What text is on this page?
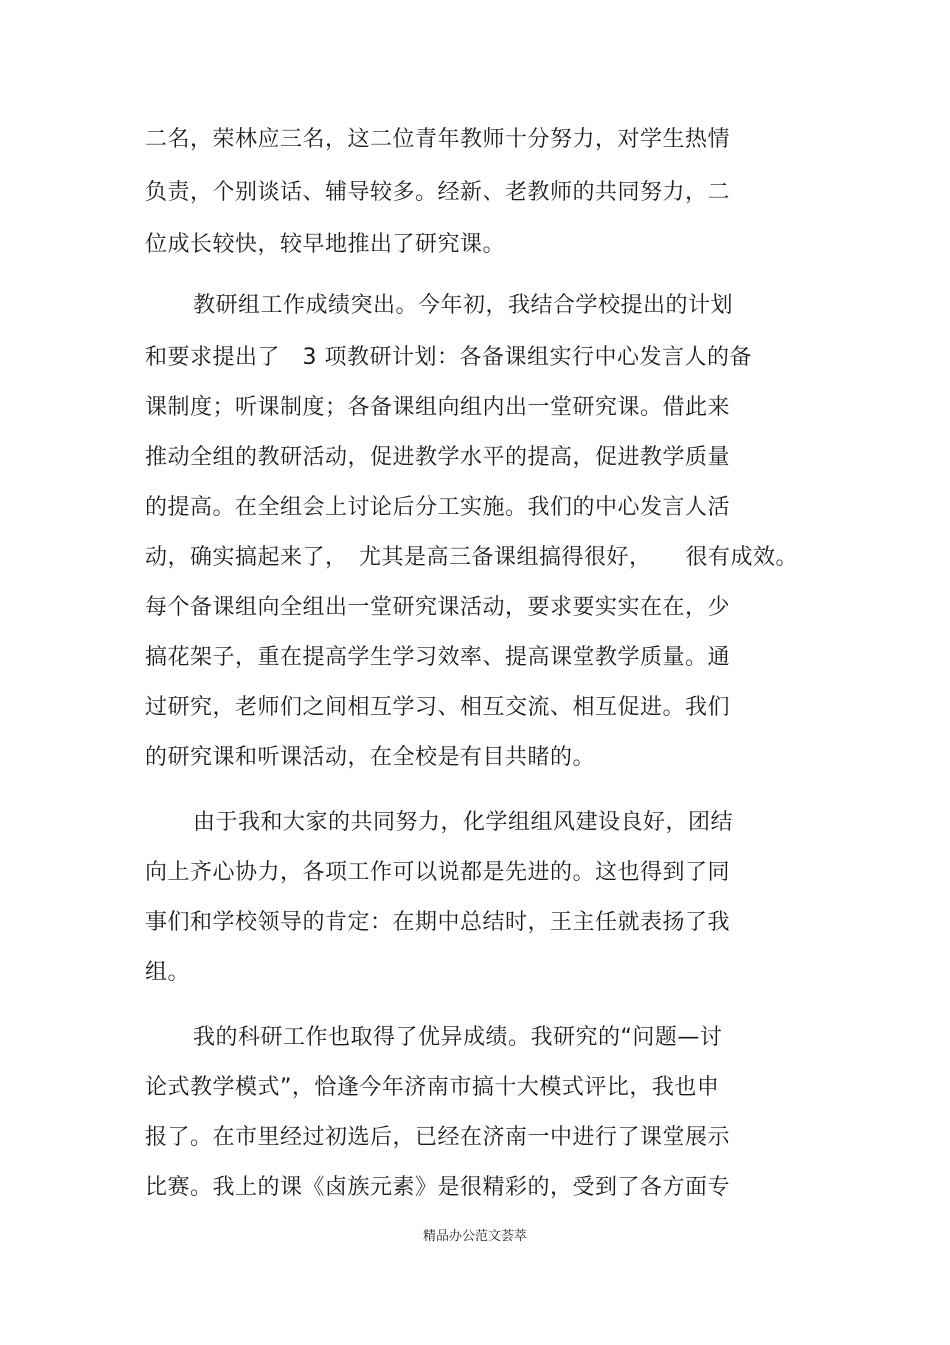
二名，荣林应三名，这二位青年教师十分努力，对学生热情
负责，个别谈话、辅导较多。经新、老教师的共同努力，二
位成长较快，较早地推出了研究课。
教研组工作成绩突出。今年初，我结合学校提出的计划
和要求提出了　3 项教研计划：各备课组实行中心发言人的备
课制度；听课制度；各备课组向组内出一堂研究课。借此来
推动全组的教研活动，促进教学水平的提高，促进教学质量
的提高。在全组会上讨论后分工实施。我们的中心发言人活
动，确实搞起来了，　尤其是高三备课组搞得很好，　　很有成效。
每个备课组向全组出一堂研究课活动，要求要实实在在，少
搞花架子，重在提高学生学习效率、提高课堂教学质量。通
过研究，老师们之间相互学习、相互交流、相互促进。我们
的研究课和听课活动，在全校是有目共睹的。
由于我和大家的共同努力，化学组组风建设良好，团结
向上齐心协力，各项工作可以说都是先进的。这也得到了同
事们和学校领导的肯定：在期中总结时，王主任就表扬了我
组。
我的科研工作也取得了优异成绩。我研究的“问题—讨
论式教学模式”，恰逢今年济南市搞十大模式评比，我也申
报了。在市里经过初选后，已经在济南一中进行了课堂展示
比赛。我上的课《卤族元素》是很精彩的，受到了各方面专
精品办公范文荟萃
